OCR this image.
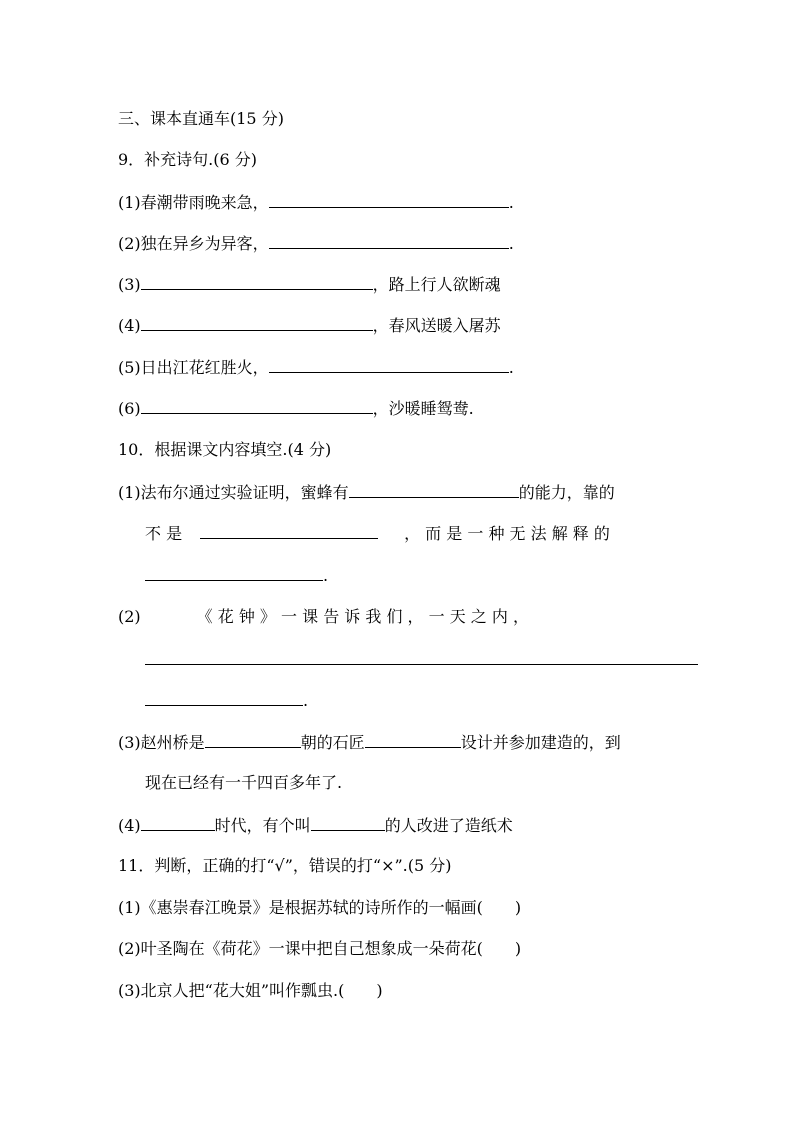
三、课本直通车(15 分)
9．补充诗句.(6 分)
(1)春潮带雨晚来急，	.
(2)独在异乡为异客，	.
(3)	，路上行人欲断魂
(4)	，春风送暖入屠苏
(5)日出江花红胜火，	.
(6)	，沙暖睡鸳鸯.
10．根据课文内容填空.(4 分)
(1)法布尔通过实验证明，蜜蜂有	的能力，靠的
不 是	， 而 是 一 种 无 法 解 释 的
.
(2)	《 花 钟 》 一 课 告 诉 我 们 ， 一 天 之 内 ，
.
(3)赵州桥是	朝的石匠	设计并参加建造的，到
现在已经有一千四百多年了.
(4)	时代，有个叫	的人改进了造纸术
11．判断，正确的打“√”，错误的打“×”.(5 分)
(1)《惠崇春江晚景》是根据苏轼的诗所作的一幅画(　　)
(2)叶圣陶在《荷花》一课中把自己想象成一朵荷花(　　)
(3)北京人把“花大姐”叫作瓢虫.(　　)
